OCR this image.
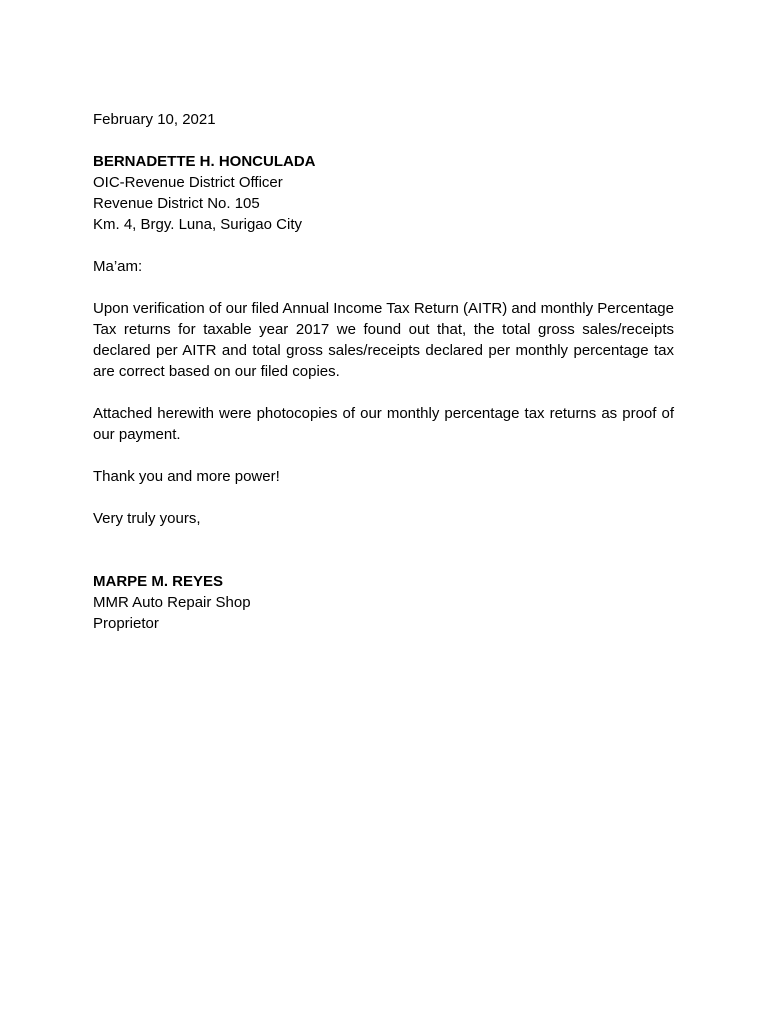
February 10, 2021
BERNADETTE H. HONCULADA
OIC-Revenue District Officer
Revenue District No. 105
Km. 4, Brgy. Luna, Surigao City
Ma’am:

Upon verification of our filed Annual Income Tax Return (AITR) and monthly Percentage Tax returns for taxable year 2017 we found out that, the total gross sales/receipts declared per AITR and total gross sales/receipts declared per monthly percentage tax are correct based on our filed copies.

Attached herewith were photocopies of our monthly percentage tax returns as proof of our payment.

Thank you and more power!

Very truly yours,
MARPE M. REYES
MMR Auto Repair Shop
Proprietor
